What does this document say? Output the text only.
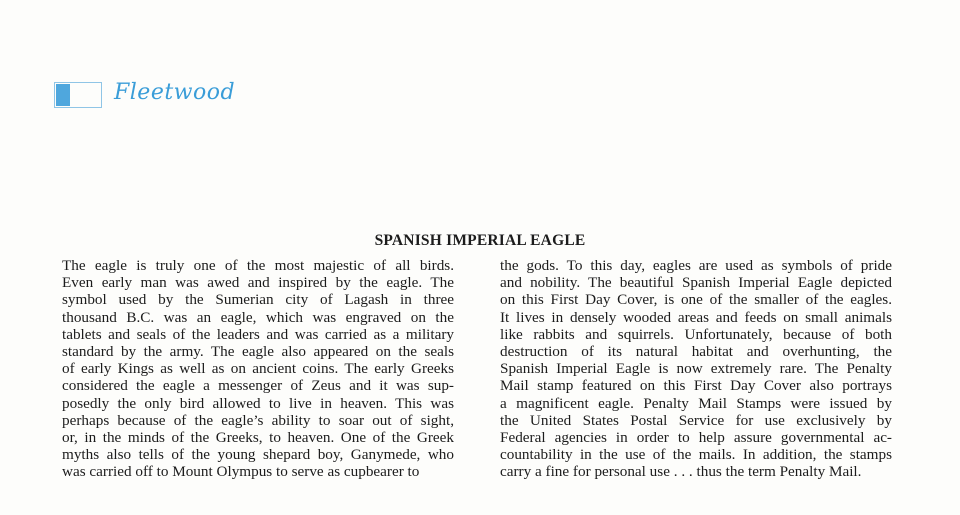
Fleetwood
SPANISH IMPERIAL EAGLE
The eagle is truly one of the most majestic of all birds.
Even early man was awed and inspired by the eagle. The
symbol used by the Sumerian city of Lagash in three
thousand B.C. was an eagle, which was engraved on the
tablets and seals of the leaders and was carried as a military
standard by the army. The eagle also appeared on the seals
of early Kings as well as on ancient coins. The early Greeks
considered the eagle a messenger of Zeus and it was sup-
posedly the only bird allowed to live in heaven. This was
perhaps because of the eagle’s ability to soar out of sight,
or, in the minds of the Greeks, to heaven. One of the Greek
myths also tells of the young shepard boy, Ganymede, who
was carried off to Mount Olympus to serve as cupbearer to
the gods. To this day, eagles are used as symbols of pride
and nobility. The beautiful Spanish Imperial Eagle depicted
on this First Day Cover, is one of the smaller of the eagles.
It lives in densely wooded areas and feeds on small animals
like rabbits and squirrels. Unfortunately, because of both
destruction of its natural habitat and overhunting, the
Spanish Imperial Eagle is now extremely rare. The Penalty
Mail stamp featured on this First Day Cover also portrays
a magnificent eagle. Penalty Mail Stamps were issued by
the United States Postal Service for use exclusively by
Federal agencies in order to help assure governmental ac-
countability in the use of the mails. In addition, the stamps
carry a fine for personal use . . . thus the term Penalty Mail.
